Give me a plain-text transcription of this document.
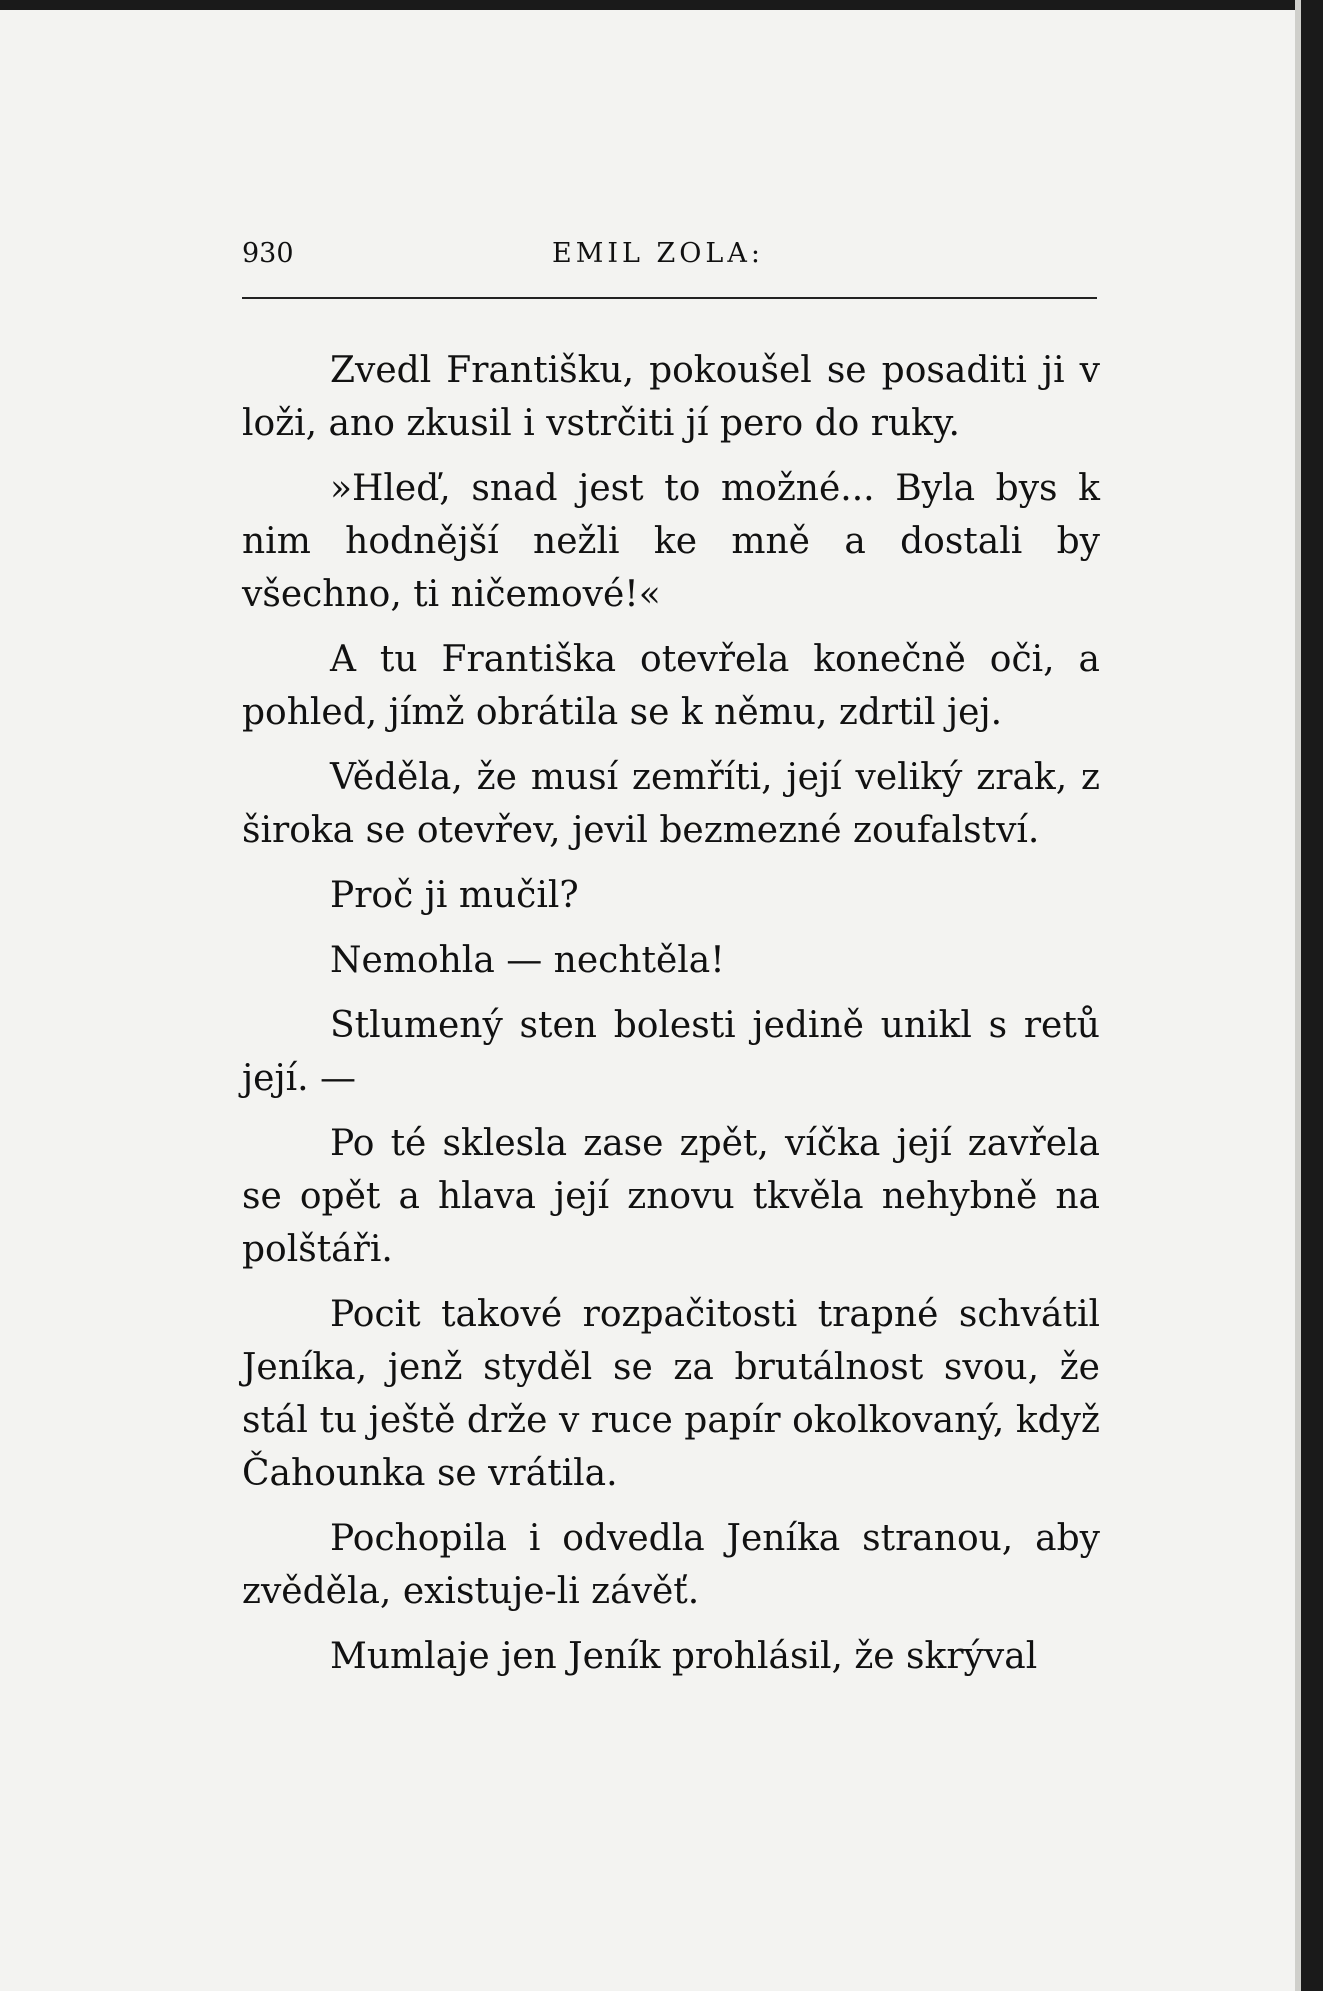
930	EMIL ZOLA:

Zvedl Františku, pokoušel se posaditi ji v loži, ano zkusil i vstrčiti jí pero do ruky.

»Hleď, snad jest to možné... Byla bys k nim hodnější nežli ke mně a dostali by všechno, ti ničemové!«

A tu Františka otevřela konečně oči, a pohled, jímž obrátila se k němu, zdrtil jej.

Věděla, že musí zemříti, její veliký zrak, z široka se otevřev, jevil bezmezné zoufalství.

Proč ji mučil?

Nemohla — nechtěla!

Stlumený sten bolesti jedině unikl s retů její. —

Po té sklesla zase zpět, víčka její zavřela se opět a hlava její znovu tkvěla nehybně na polštáři.

Pocit takové rozpačitosti trapné schvátil Jeníka, jenž styděl se za brutálnost svou, že stál tu ještě drže v ruce papír okolkovaný, když Čahounka se vrátila.

Pochopila i odvedla Jeníka stranou, aby zvěděla, existuje-li závěť.

Mumlaje jen Jeník prohlásil, že skrýval
